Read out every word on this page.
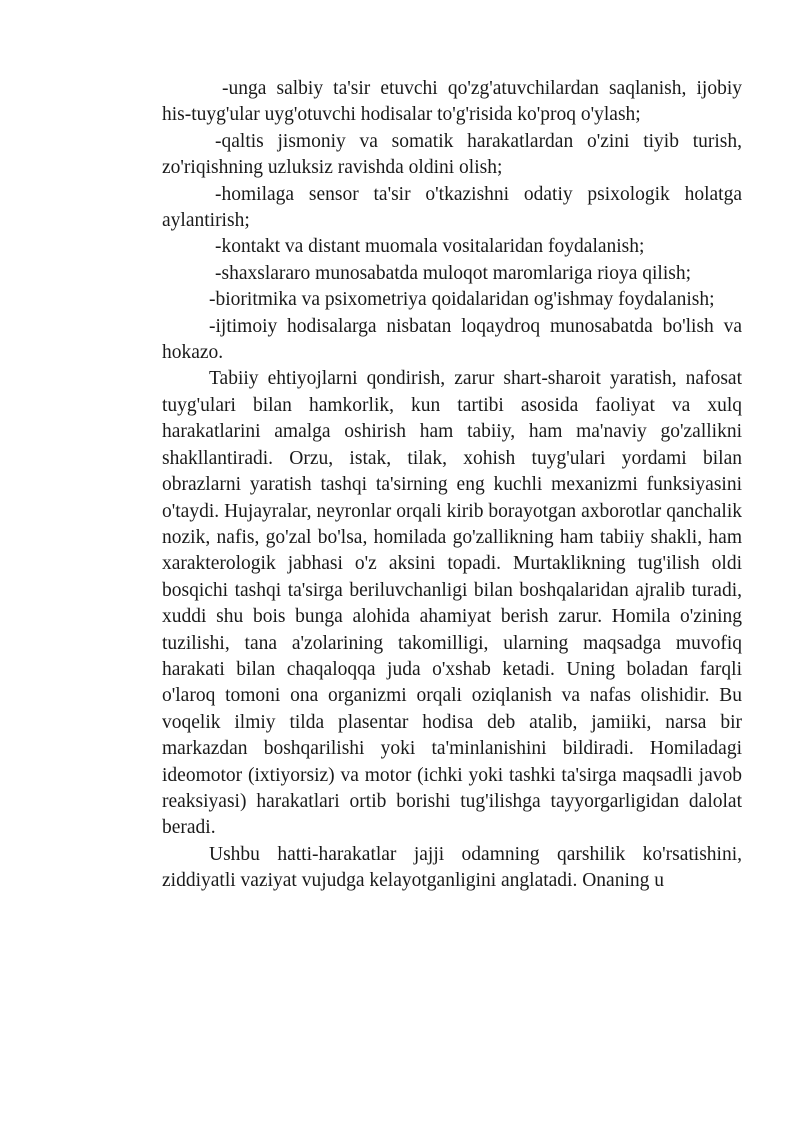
-unga salbiy ta'sir etuvchi qo'zg'atuvchilardan saqlanish, ijobiy his-tuyg'ular uyg'otuvchi hodisalar to'g'risida ko'proq o'ylash;

-qaltis jismoniy va somatik harakatlardan o'zini tiyib turish, zo'riqishning uzluksiz ravishda oldini olish;

-homilaga sensor ta'sir o'tkazishni odatiy psixologik holatga aylantirish;

-kontakt va distant muomala vositalaridan foydalanish;

-shaxslararo munosabatda muloqot maromlariga rioya qilish;

-bioritmika va psixometriya qoidalaridan og'ishmay foydalanish;

-ijtimoiy hodisalarga nisbatan loqaydroq munosabatda bo'lish va hokazo.

Tabiiy ehtiyojlarni qondirish, zarur shart-sharoit yaratish, nafosat tuyg'ulari bilan hamkorlik, kun tartibi asosida faoliyat va xulq harakatlarini amalga oshirish ham tabiiy, ham ma'naviy go'zallikni shakllantiradi. Orzu, istak, tilak, xohish tuyg'ulari yordami bilan obrazlarni yaratish tashqi ta'sirning eng kuchli mexanizmi funksiyasini o'taydi. Hujayralar, neyronlar orqali kirib borayotgan axborotlar qanchalik nozik, nafis, go'zal bo'lsa, homilada go'zallikning ham tabiiy shakli, ham xarakterologik jabhasi o'z aksini topadi. Murtaklikning tug'ilish oldi bosqichi tashqi ta'sirga beriluvchanligi bilan boshqalaridan ajralib turadi, xuddi shu bois bunga alohida ahamiyat berish zarur. Homila o'zining tuzilishi, tana a'zolarining takomilligi, ularning maqsadga muvofiq harakati bilan chaqaloqqa juda o'xshab ketadi. Uning boladan farqli o'laroq tomoni ona organizmi orqali oziqlanish va nafas olishidir. Bu voqelik ilmiy tilda plasentar hodisa deb atalib, jamiiki, narsa bir markazdan boshqarilishi yoki ta'minlanishini bildiradi. Homiladagi ideomotor (ixtiyorsiz) va motor (ichki yoki tashki ta'sirga maqsadli javob reaksiyasi) harakatlari ortib borishi tug'ilishga tayyorgarligidan dalolat beradi.

Ushbu hatti-harakatlar jajji odamning qarshilik ko'rsatishini, ziddiyatli vaziyat vujudga kelayotganligini anglatadi. Onaning u
